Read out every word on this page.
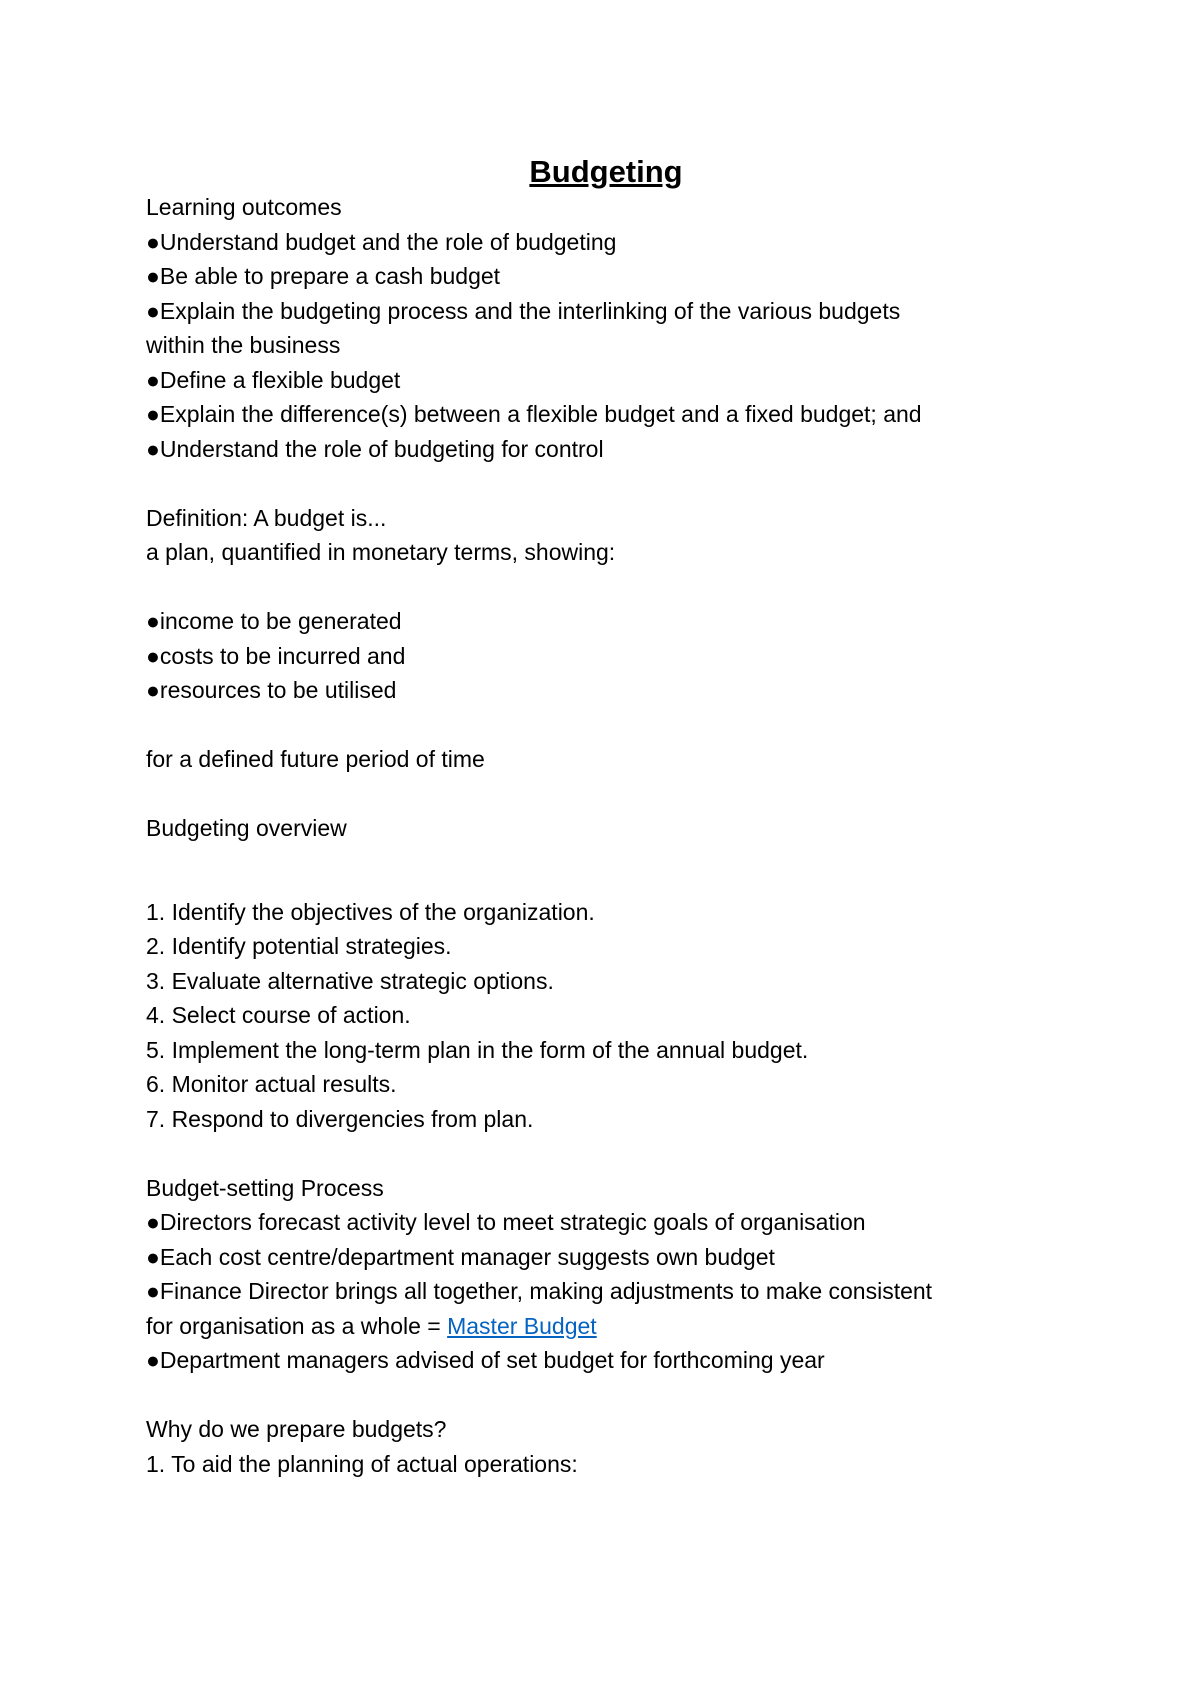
Budgeting
Learning outcomes
●Understand budget and the role of budgeting
●Be able to prepare a cash budget
●Explain the budgeting process and the interlinking of the various budgets
within the business
●Define a flexible budget
●Explain the difference(s) between a flexible budget and a fixed budget; and
●Understand the role of budgeting for control
Definition: A budget is...
a plan, quantified in monetary terms, showing:
●income to be generated
●costs to be incurred and
●resources to be utilised
for a defined future period of time
Budgeting overview
1. Identify the objectives of the organization.
2. Identify potential strategies.
3. Evaluate alternative strategic options.
4. Select course of action.
5. Implement the long-term plan in the form of the annual budget.
6. Monitor actual results.
7. Respond to divergencies from plan.
Budget-setting Process
●Directors forecast activity level to meet strategic goals of organisation
●Each cost centre/department manager suggests own budget
●Finance Director brings all together, making adjustments to make consistent
for organisation as a whole = Master Budget
●Department managers advised of set budget for forthcoming year
Why do we prepare budgets?
1. To aid the planning of actual operations:
